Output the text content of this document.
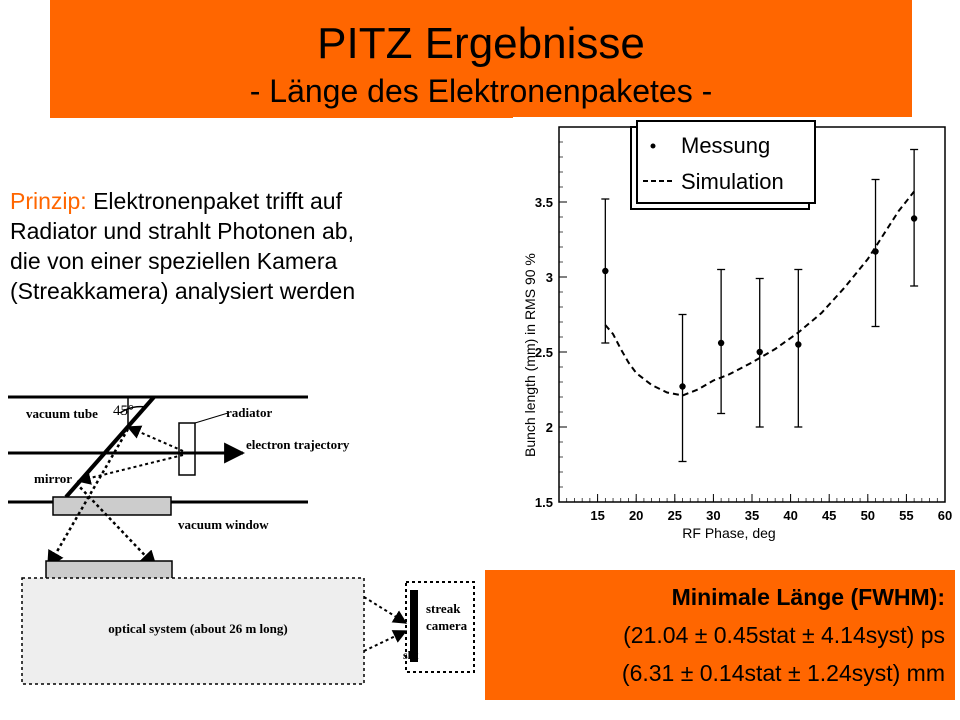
PITZ Ergebnisse
- Länge des Elektronenpaketes -
Prinzip: Elektronenpaket trifft auf
Radiator und strahlt Photonen ab,
die von einer speziellen Kamera
(Streakkamera) analysiert werden
15 20 25 30 35 40 45 50 55 60
1.5
2
2.5
3
3.5
Messung
Simulation
Bunch length (mm) in RMS 90 %
RF Phase, deg
vacuum tube 45°	radiator
electron trajectory
mirror
vacuum window
optical system (about 26 m long)
streak
camera
slit
Minimale Länge (FWHM):
(21.04 ± 0.45stat ± 4.14syst) ps
(6.31 ± 0.14stat ± 1.24syst) mm
